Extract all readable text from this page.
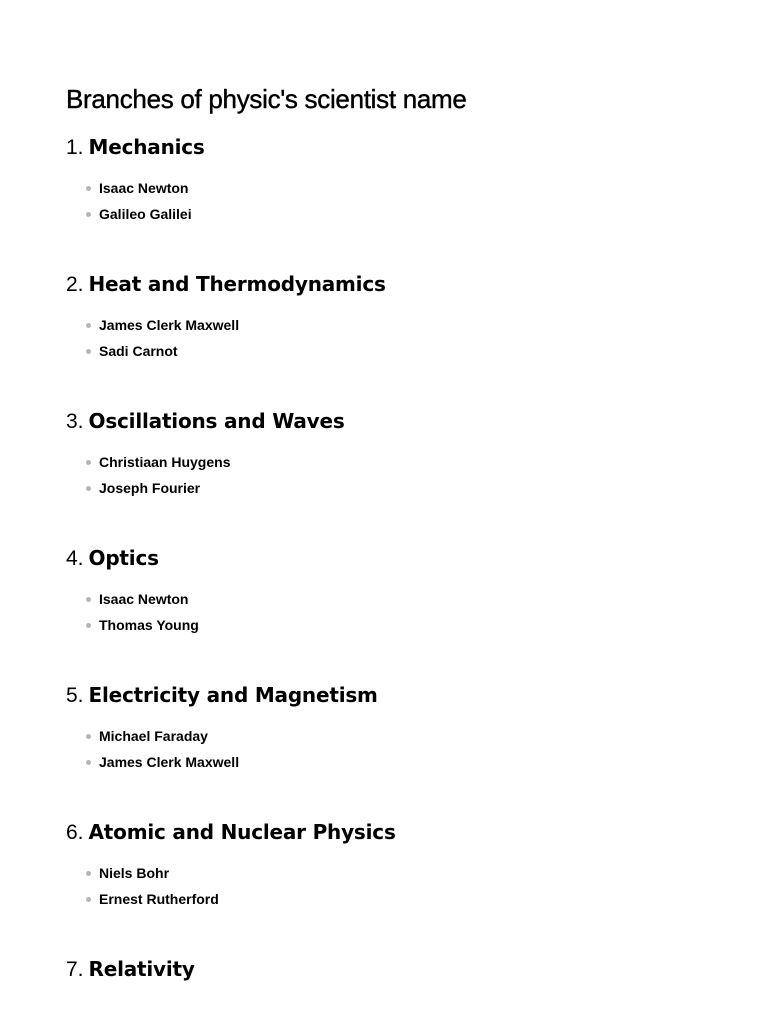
Branches of physic's scientist name
1. Mechanics
Isaac Newton
Galileo Galilei
2. Heat and Thermodynamics
James Clerk Maxwell
Sadi Carnot
3. Oscillations and Waves
Christiaan Huygens
Joseph Fourier
4. Optics
Isaac Newton
Thomas Young
5. Electricity and Magnetism
Michael Faraday
James Clerk Maxwell
6. Atomic and Nuclear Physics
Niels Bohr
Ernest Rutherford
7. Relativity
